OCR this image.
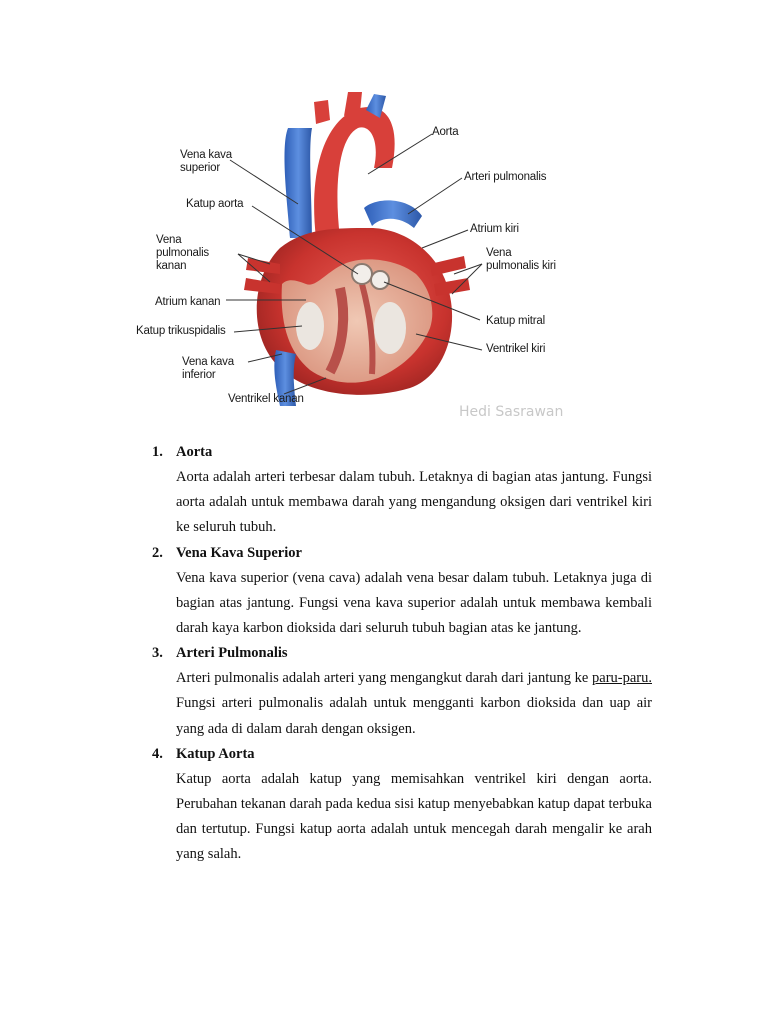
Vena kava
superior
Katup aorta
Vena
pulmonalis
kanan
Atrium kanan
Katup trikuspidalis
Vena kava
inferior
Ventrikel kanan
Aorta
Arteri pulmonalis
Atrium kiri
Vena
pulmonalis kiri
Katup mitral
Ventrikel kiri
Hedi Sasrawan
1. Aorta
Aorta adalah arteri terbesar dalam tubuh. Letaknya di bagian atas jantung. Fungsi aorta adalah untuk membawa darah yang mengandung oksigen dari ventrikel kiri ke seluruh tubuh.
2. Vena Kava Superior
Vena kava superior (vena cava) adalah vena besar dalam tubuh. Letaknya juga di bagian atas jantung. Fungsi vena kava superior adalah untuk membawa kembali darah kaya karbon dioksida dari seluruh tubuh bagian atas ke jantung.
3. Arteri Pulmonalis
Arteri pulmonalis adalah arteri yang mengangkut darah dari jantung ke paru-paru. Fungsi arteri pulmonalis adalah untuk mengganti karbon dioksida dan uap air yang ada di dalam darah dengan oksigen.
4. Katup Aorta
Katup aorta adalah katup yang memisahkan ventrikel kiri dengan aorta. Perubahan tekanan darah pada kedua sisi katup menyebabkan katup dapat terbuka dan tertutup. Fungsi katup aorta adalah untuk mencegah darah mengalir ke arah yang salah.
